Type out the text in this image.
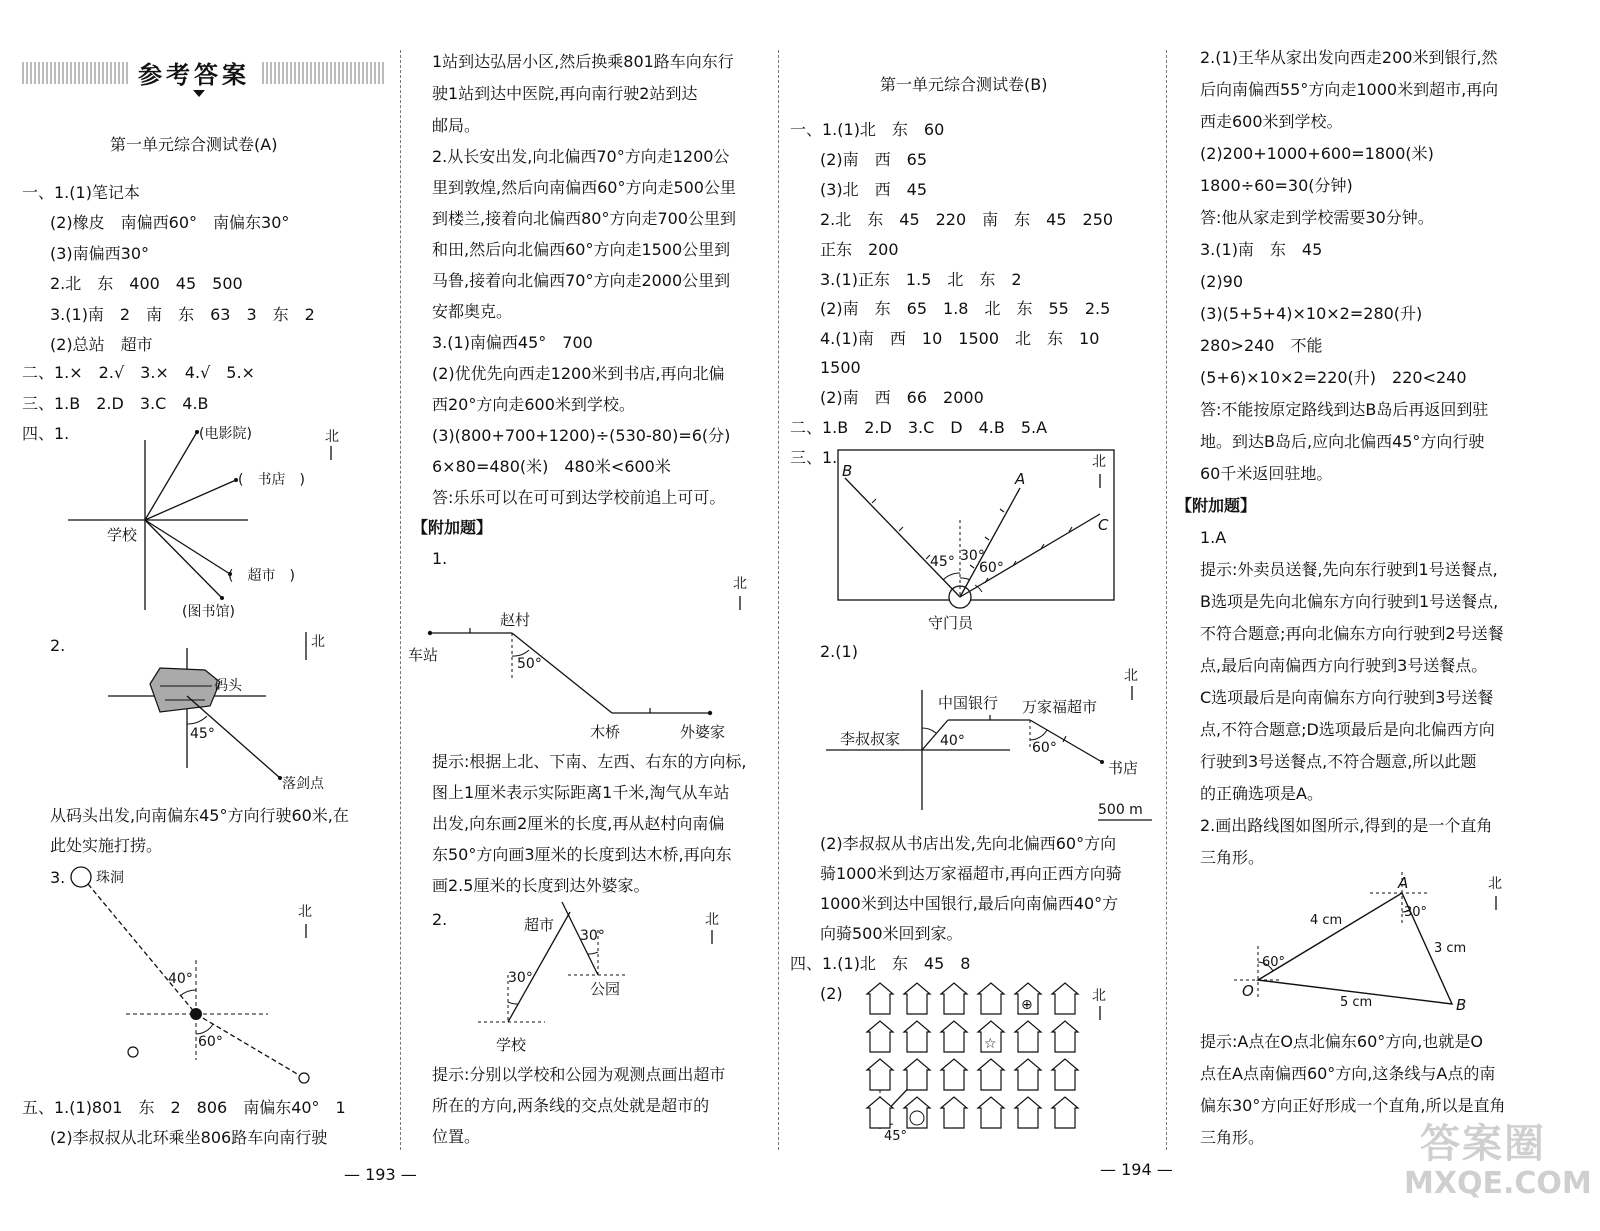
参考答案
第一单元综合测试卷(A)
一、1.(1)笔记本
(2)橡皮　南偏西60°　南偏东30°
(3)南偏西30°
2.北　东　400　45　500
3.(1)南　2　南　东　63　3　东　2
(2)总站　超市
二、1.×　2.√　3.×　4.√　5.×
三、1.B　2.D　3.C　4.B
四、1.
2.
从码头出发,向南偏东45°方向行驶60米,在
此处实施打捞。
3.
五、1.(1)801　东　2　806　南偏东40°　1
(2)李叔叔从北环乘坐806路车向南行驶
北
学校
(电影院)
(　书店　)
(　超市　)
(图书馆)
北
码头
45°
落剑点
珠洞
40°
60°
北
1站到达弘居小区,然后换乘801路车向东行
驶1站到达中医院,再向南行驶2站到达
邮局。
2.从长安出发,向北偏西70°方向走1200公
里到敦煌,然后向南偏西60°方向走500公里
到楼兰,接着向北偏西80°方向走700公里到
和田,然后向北偏西60°方向走1500公里到
马鲁,接着向北偏西70°方向走2000公里到
安都奥克。
3.(1)南偏西45°　700
(2)优优先向西走1200米到书店,再向北偏
西20°方向走600米到学校。
(3)(800+700+1200)÷(530-80)=6(分)
6×80=480(米)　480米<600米
答:乐乐可以在可可到达学校前追上可可。
【附加题】
1.
赵村
车站	50°
木桥	外婆家
北
提示:根据上北、下南、左西、右东的方向标,
图上1厘米表示实际距离1千米,淘气从车站
出发,向东画2厘米的长度,再从赵村向南偏
东50°方向画3厘米的长度到达木桥,再向东
画2.5厘米的长度到达外婆家。
2.	超市
30°
30°
公园
学校
北
提示:分别以学校和公园为观测点画出超市
所在的方向,两条线的交点处就是超市的
位置。
— 193 —
第一单元综合测试卷(B)
一、1.(1)北　东　60
(2)南　西　65
(3)北　西　45
2.北　东　45　220　南　东　45　250
正东　200
3.(1)正东　1.5　北　东　2
(2)南　东　65　1.8　北　东　55　2.5
4.(1)南　西　10　1500　北　东　10
1500
(2)南　西　66　2000
二、1.B　2.D　3.C　D　4.B　5.A
三、1.
B	A
C
45° 30°
60°
守门员
北
2.(1)
李叔叔家
中国银行 万家福超市
书店
40°	60°
500 m
北
(2)李叔叔从书店出发,先向北偏西60°方向
骑1000米到达万家福超市,再向正西方向骑
1000米到达中国银行,最后向南偏西40°方
向骑500米回到家。
四、1.(1)北　东　45　8
(2)
45°
北
☆
⊕
— 194 —
2.(1)王华从家出发向西走200米到银行,然
后向南偏西55°方向走1000米到超市,再向
西走600米到学校。
(2)200+1000+600=1800(米)
1800÷60=30(分钟)
答:他从家走到学校需要30分钟。
3.(1)南　东　45
(2)90
(3)(5+5+4)×10×2=280(升)
280>240　不能
(5+6)×10×2=220(升)　220<240
答:不能按原定路线到达B岛后再返回到驻
地。到达B岛后,应向北偏西45°方向行驶
60千米返回驻地。
【附加题】
1.A
提示:外卖员送餐,先向东行驶到1号送餐点,
B选项是先向北偏东方向行驶到1号送餐点,
不符合题意;再向北偏东方向行驶到2号送餐
点,最后向南偏西方向行驶到3号送餐点。
C选项最后是向南偏东方向行驶到3号送餐
点,不符合题意;D选项最后是向北偏西方向
行驶到3号送餐点,不符合题意,所以此题
的正确选项是A。
2.画出路线图如图所示,得到的是一个直角
三角形。
A
O
B
4 cm
3 cm
5 cm
60°
30°
北
提示:A点在O点北偏东60°方向,也就是O
点在A点南偏西60°方向,这条线与A点的南
偏东30°方向正好形成一个直角,所以是直角
三角形。	答案圈
MXQE.COM
